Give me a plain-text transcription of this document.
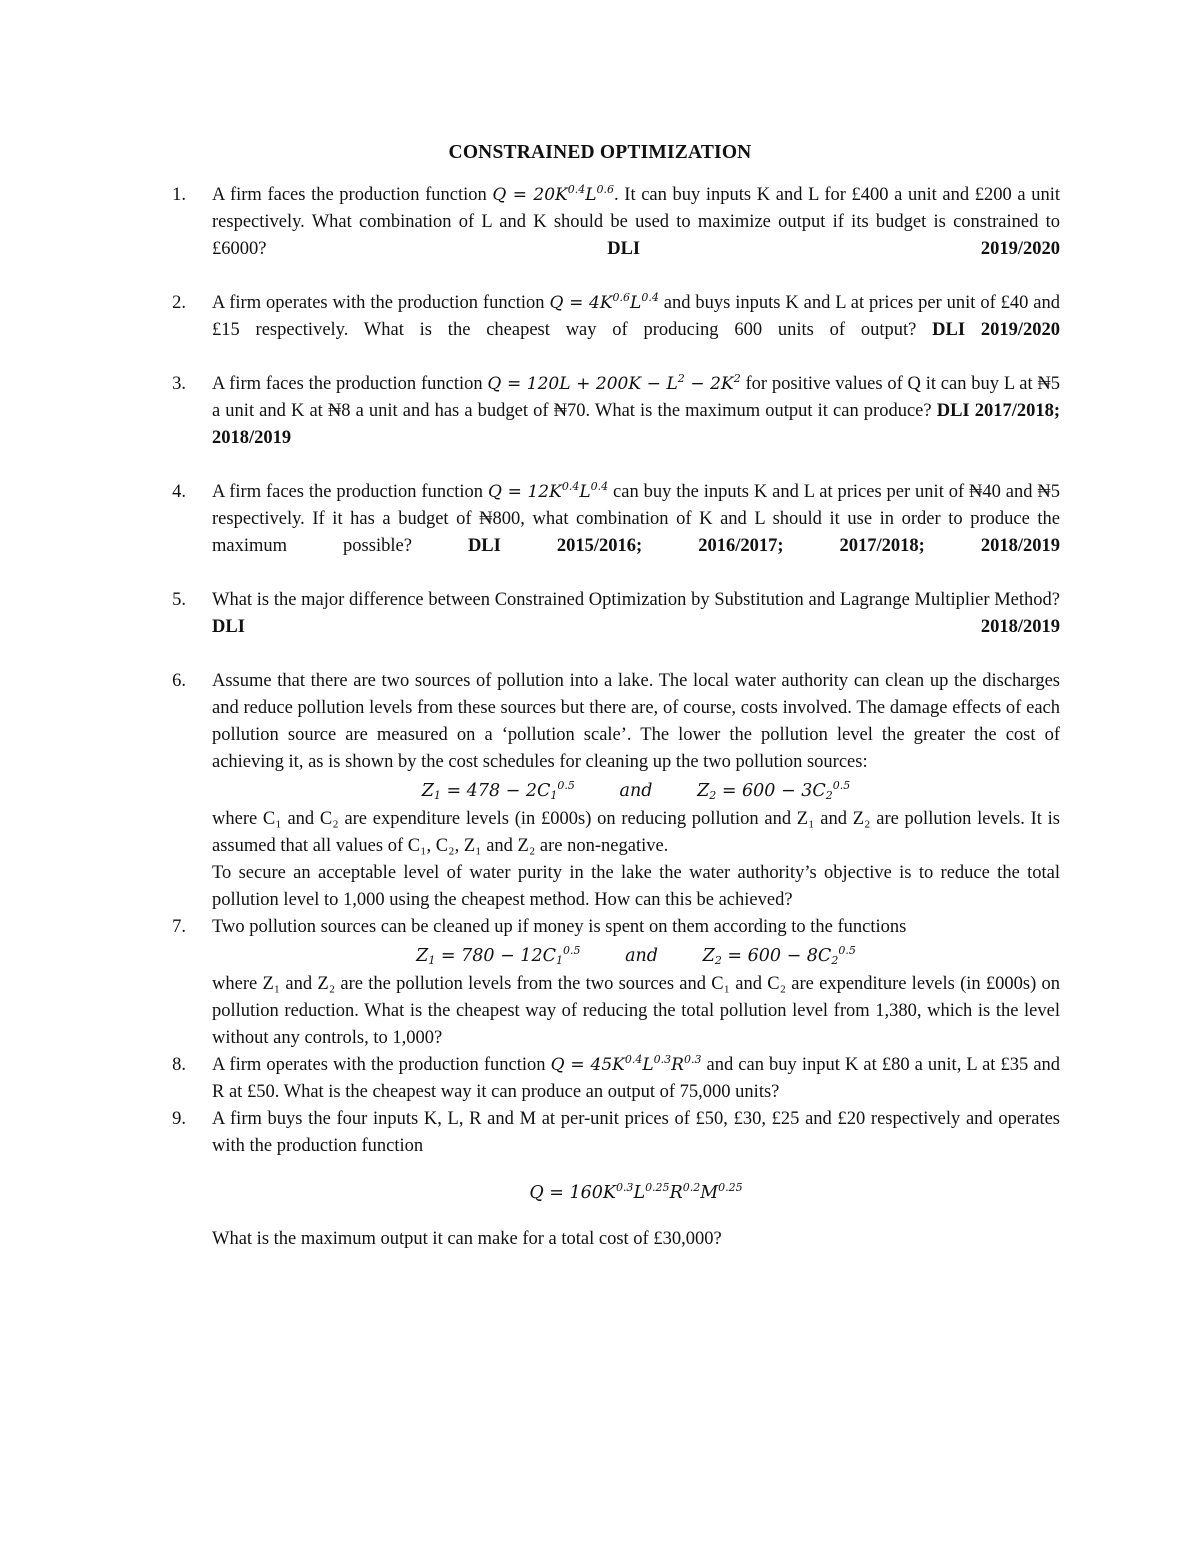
CONSTRAINED OPTIMIZATION
1. A firm faces the production function $Q = 20K^{0.4}L^{0.6}$. It can buy inputs K and L for £400 a unit and £200 a unit respectively. What combination of L and K should be used to maximize output if its budget is constrained to £6000?	DLI 2019/2020

2. A firm operates with the production function $Q = 4K^{0.6}L^{0.4}$ and buys inputs K and L at prices per unit of £40 and £15 respectively. What is the cheapest way of producing 600 units of output? DLI 2019/2020

3. A firm faces the production function $Q = 120L + 200K - L^2 - 2K^2$ for positive values of Q it can buy L at ₦5 a unit and K at ₦8 a unit and has a budget of ₦70. What is the maximum output it can produce? DLI 2017/2018; 2018/2019

4. A firm faces the production function $Q = 12K^{0.4}L^{0.4}$ can buy the inputs K and L at prices per unit of ₦40 and ₦5 respectively. If it has a budget of ₦800, what combination of K and L should it use in order to produce the maximum possible?	DLI 2015/2016; 2016/2017; 2017/2018; 2018/2019

5. What is the major difference between Constrained Optimization by Substitution and Lagrange Multiplier Method? DLI 2018/2019

6. Assume that there are two sources of pollution into a lake. The local water authority can clean up the discharges and reduce pollution levels from these sources but there are, of course, costs involved. The damage effects of each pollution source are measured on a ‘pollution scale’. The lower the pollution level the greater the cost of achieving it, as is shown by the cost schedules for cleaning up the two pollution sources:

$Z_1 = 478 - 2C_1^{0.5}$	and	$Z_2 = 600 - 3C_2^{0.5}$

where C₁ and C₂ are expenditure levels (in £000s) on reducing pollution and Z₁ and Z₂ are pollution levels. It is assumed that all values of C₁, C₂, Z₁ and Z₂ are non-negative.

To secure an acceptable level of water purity in the lake the water authority’s objective is to reduce the total pollution level to 1,000 using the cheapest method. How can this be achieved?

7. Two pollution sources can be cleaned up if money is spent on them according to the functions

$Z_1 = 780 - 12C_1^{0.5}$	and	$Z_2 = 600 - 8C_2^{0.5}$

where Z₁ and Z₂ are the pollution levels from the two sources and C₁ and C₂ are expenditure levels (in £000s) on pollution reduction. What is the cheapest way of reducing the total pollution level from 1,380, which is the level without any controls, to 1,000?

8. A firm operates with the production function $Q = 45K^{0.4}L^{0.3}R^{0.3}$ and can buy input K at £80 a unit, L at £35 and R at £50. What is the cheapest way it can produce an output of 75,000 units?

9. A firm buys the four inputs K, L, R and M at per-unit prices of £50, £30, £25 and £20 respectively and operates with the production function

$Q = 160K^{0.3}L^{0.25}R^{0.2}M^{0.25}$

What is the maximum output it can make for a total cost of £30,000?
